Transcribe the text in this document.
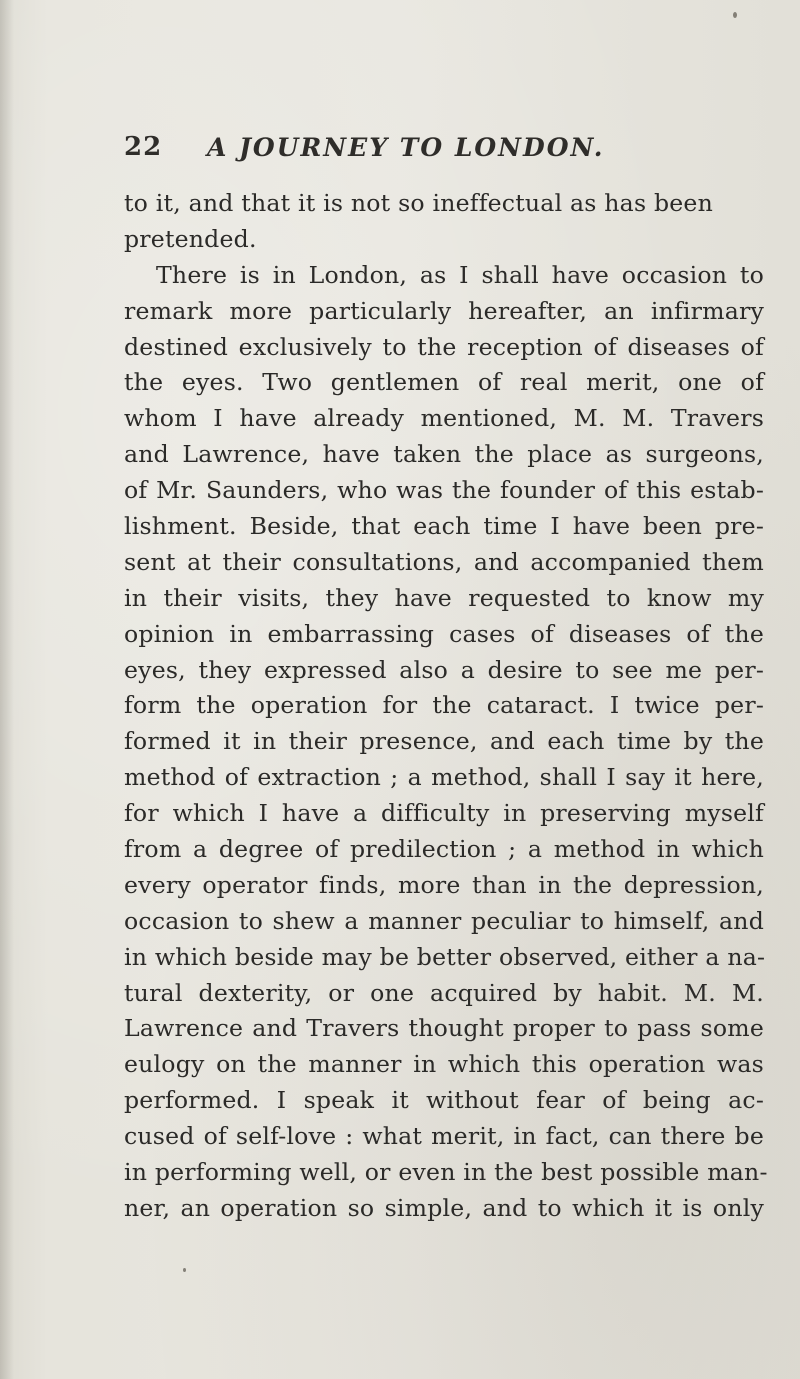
22 A JOURNEY TO LONDON.
to it, and that it is not so ineffectual as has been
pretended.
There is in London, as I shall have occasion to
remark more particularly hereafter, an infirmary
destined exclusively to the reception of diseases of
the eyes. Two gentlemen of real merit, one of
whom I have already mentioned, M. M. Travers
and Lawrence, have taken the place as surgeons,
of Mr. Saunders, who was the founder of this estab-
lishment. Beside, that each time I have been pre-
sent at their consultations, and accompanied them
in their visits, they have requested to know my
opinion in embarrassing cases of diseases of the
eyes, they expressed also a desire to see me per-
form the operation for the cataract. I twice per-
formed it in their presence, and each time by the
method of extraction ; a method, shall I say it here,
for which I have a difficulty in preserving myself
from a degree of predilection ; a method in which
every operator finds, more than in the depression,
occasion to shew a manner peculiar to himself, and
in which beside may be better observed, either a na-
tural dexterity, or one acquired by habit. M. M.
Lawrence and Travers thought proper to pass some
eulogy on the manner in which this operation was
performed. I speak it without fear of being ac-
cused of self-love : what merit, in fact, can there be
in performing well, or even in the best possible man-
ner, an operation so simple, and to which it is only
